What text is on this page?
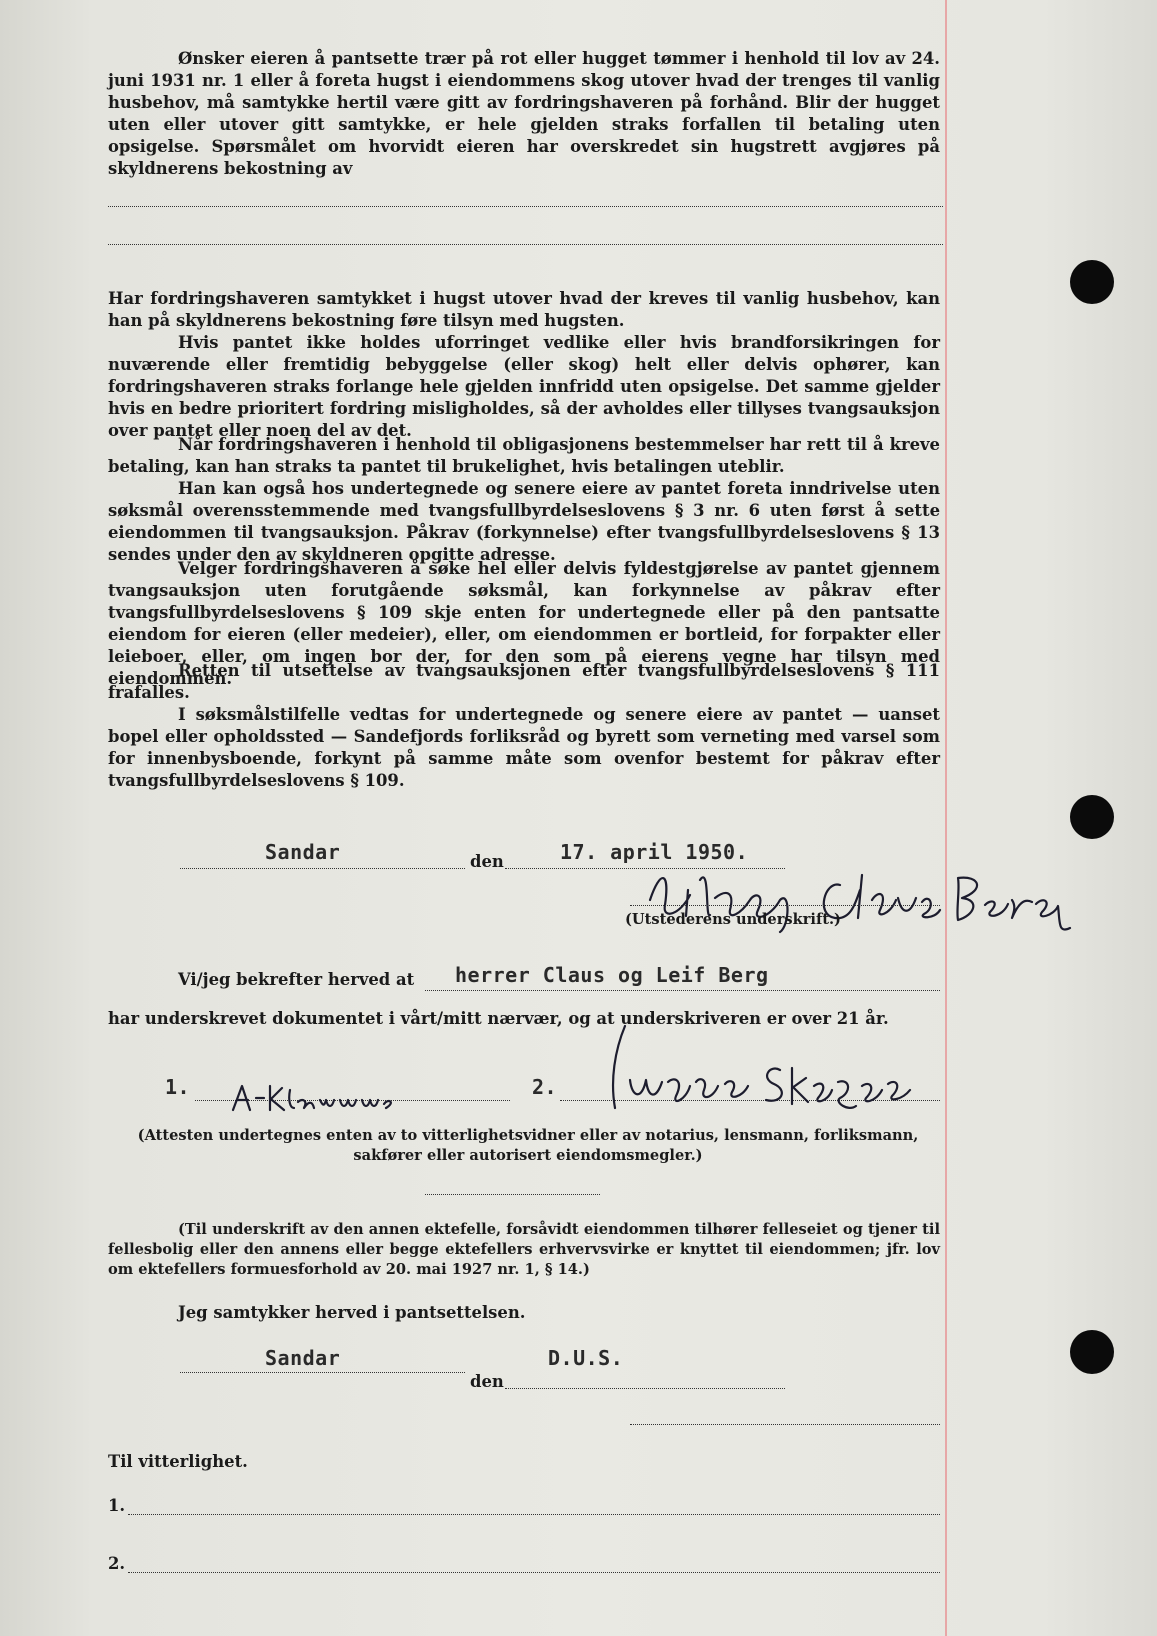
Ønsker eieren å pantsette trær på rot eller hugget tømmer i henhold til lov av 24. juni 1931 nr. 1 eller å foreta hugst i eiendommens skog utover hvad der trenges til vanlig husbehov, må samtykke hertil være gitt av fordringshaveren på forhånd. Blir der hugget uten eller utover gitt samtykke, er hele gjelden straks forfallen til betaling uten opsigelse. Spørsmålet om hvorvidt eieren har overskredet sin hugstrett avgjøres på skyldnerens bekostning av

Har fordringshaveren samtykket i hugst utover hvad der kreves til vanlig husbehov, kan han på skyldnerens bekostning føre tilsyn med hugsten.

Hvis pantet ikke holdes uforringet vedlike eller hvis brandforsikringen for nuværende eller fremtidig bebyggelse (eller skog) helt eller delvis ophører, kan fordringshaveren straks forlange hele gjelden innfridd uten opsigelse. Det samme gjelder hvis en bedre prioritert fordring misligholdes, så der avholdes eller tillyses tvangsauksjon over pantet eller noen del av det.

Når fordringshaveren i henhold til obligasjonens bestemmelser har rett til å kreve betaling, kan han straks ta pantet til brukelighet, hvis betalingen uteblir.

Han kan også hos undertegnede og senere eiere av pantet foreta inndrivelse uten søksmål overensstemmende med tvangsfullbyrdelseslovens § 3 nr. 6 uten først å sette eiendommen til tvangsauksjon. Påkrav (forkynnelse) efter tvangsfullbyrdelseslovens § 13 sendes under den av skyldneren opgitte adresse.

Velger fordringshaveren å søke hel eller delvis fyldestgjørelse av pantet gjennem tvangsauksjon uten forutgående søksmål, kan forkynnelse av påkrav efter tvangsfullbyrdelseslovens § 109 skje enten for undertegnede eller på den pantsatte eiendom for eieren (eller medeier), eller, om eiendommen er bortleid, for forpakter eller leieboer, eller, om ingen bor der, for den som på eierens vegne har tilsyn med eiendommen.

Retten til utsettelse av tvangsauksjonen efter tvangsfullbyrdelseslovens § 111 frafalles.

I søksmålstilfelle vedtas for undertegnede og senere eiere av pantet — uanset bopel eller opholdssted — Sandefjords forliksråd og byrett som verneting med varsel som for innenbysboende, forkynt på samme måte som ovenfor bestemt for påkrav efter tvangsfullbyrdelseslovens § 109.

Sandar	den	17. april 1950.

(Utstederens underskrift.)

Vi/jeg bekrefter herved at herrer Claus og Leif Berg

har underskrevet dokumentet i vårt/mitt nærvær, og at underskriveren er over 21 år.

1.	2.

(Attesten undertegnes enten av to vitterlighetsvidner eller av notarius, lensmann, forliksmann, sakfører eller autorisert eiendomsmegler.)

(Til underskrift av den annen ektefelle, forsåvidt eiendommen tilhører felleseiet og tjener til fellesbolig eller den annens eller begge ektefellers erhvervsvirke er knyttet til eiendommen; jfr. lov om ektefellers formuesforhold av 20. mai 1927 nr. 1, § 14.)

Jeg samtykker herved i pantsettelsen.
Sandar
den
D.U.S.
Til vitterlighet.
1.
2.
